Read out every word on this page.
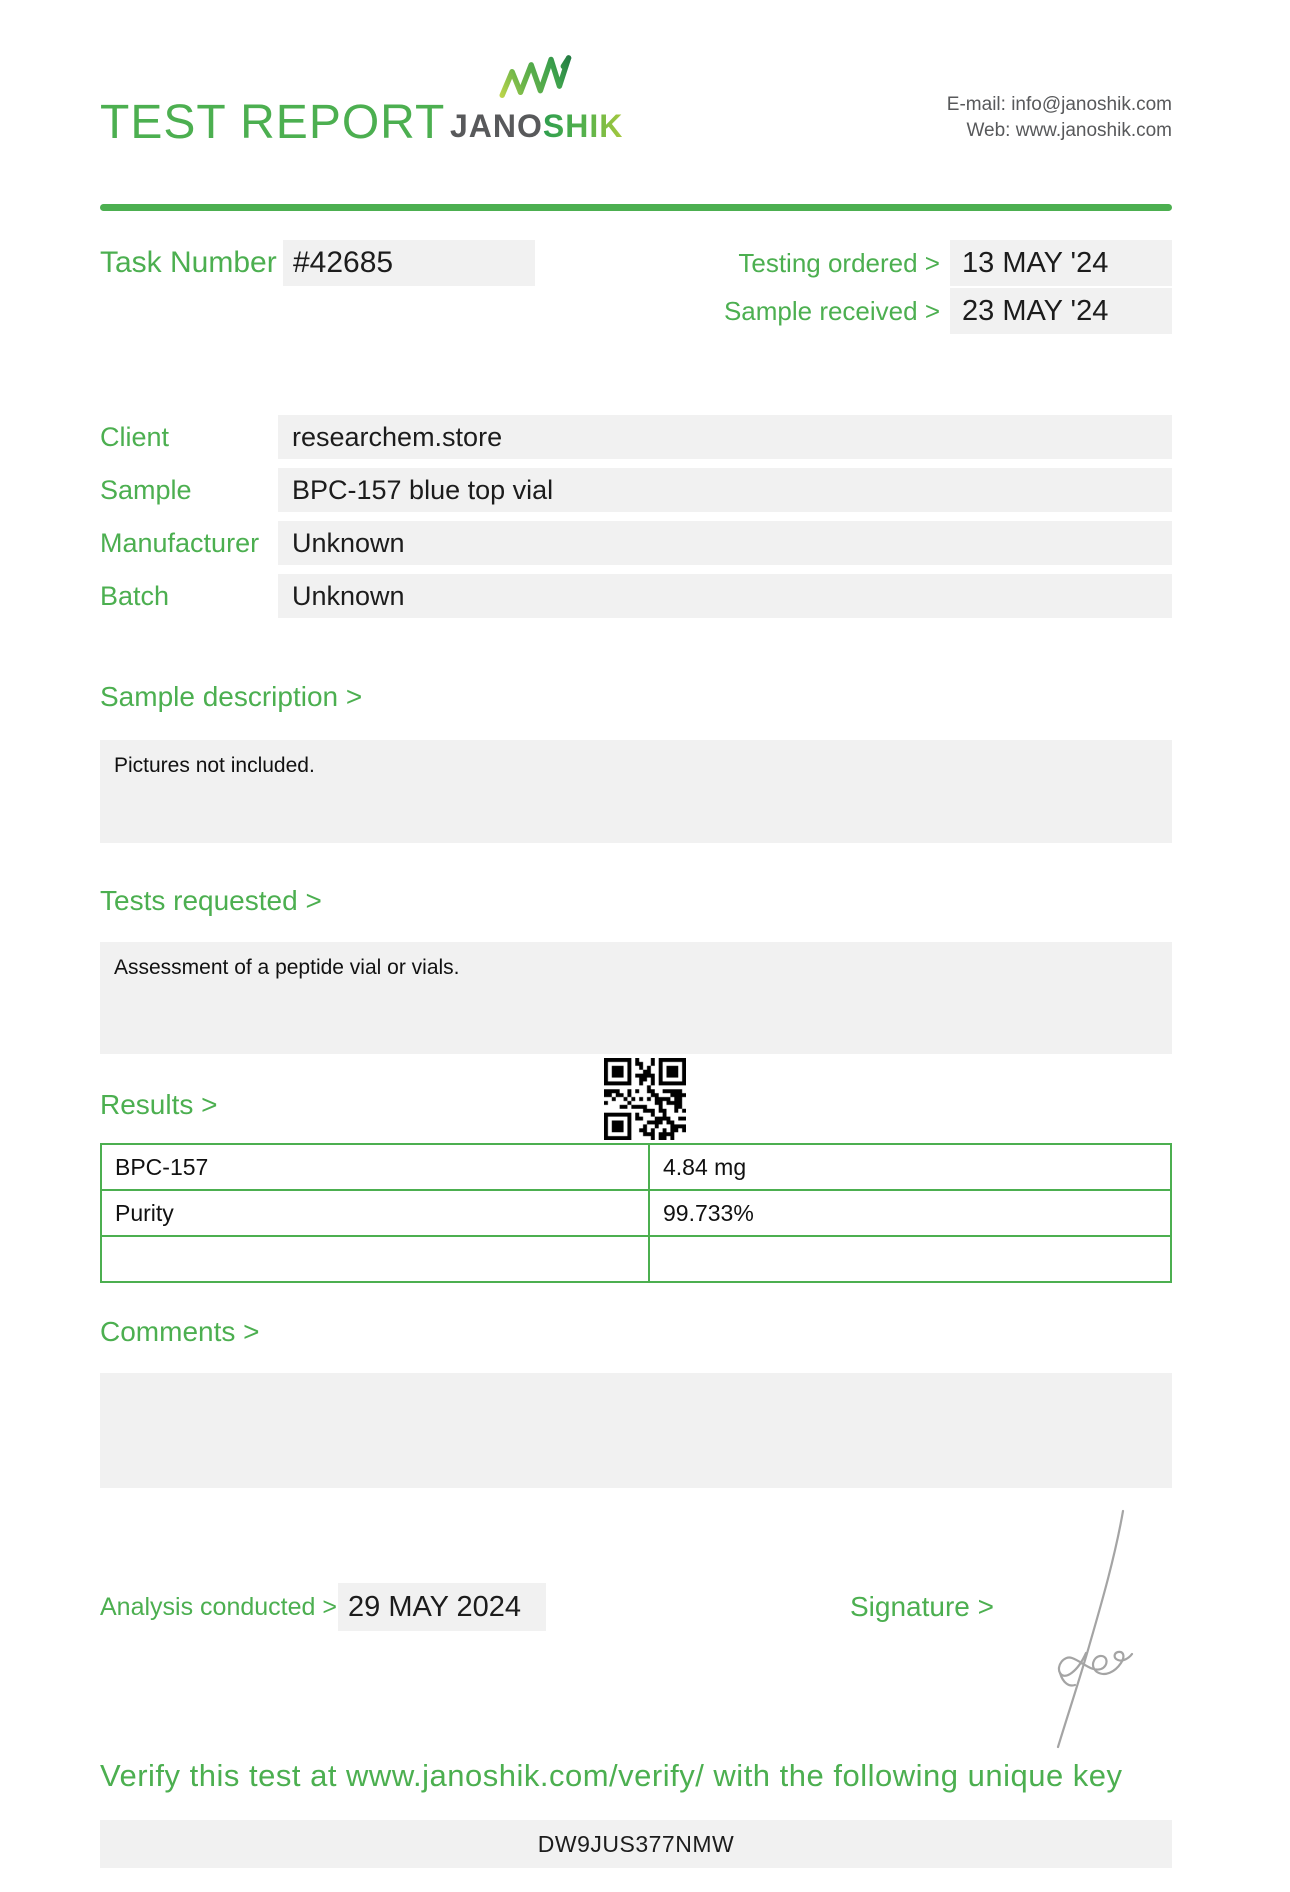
TEST REPORT JANOSHIK
E-mail: info@janoshik.com
Web: www.janoshik.com
Task Number #42685	Testing ordered > 13 MAY '24
Sample received > 23 MAY '24
Client	researchem.store
Sample	BPC-157 blue top vial
Manufacturer	Unknown
Batch	Unknown
Sample description >
Pictures not included.
Tests requested >
Assessment of a peptide vial or vials.
Results >
BPC-157	4.84 mg
Purity	99.733%

Comments >
Analysis conducted > 29 MAY 2024	Signature >
Verify this test at www.janoshik.com/verify/ with the following unique key
DW9JUS377NMW
